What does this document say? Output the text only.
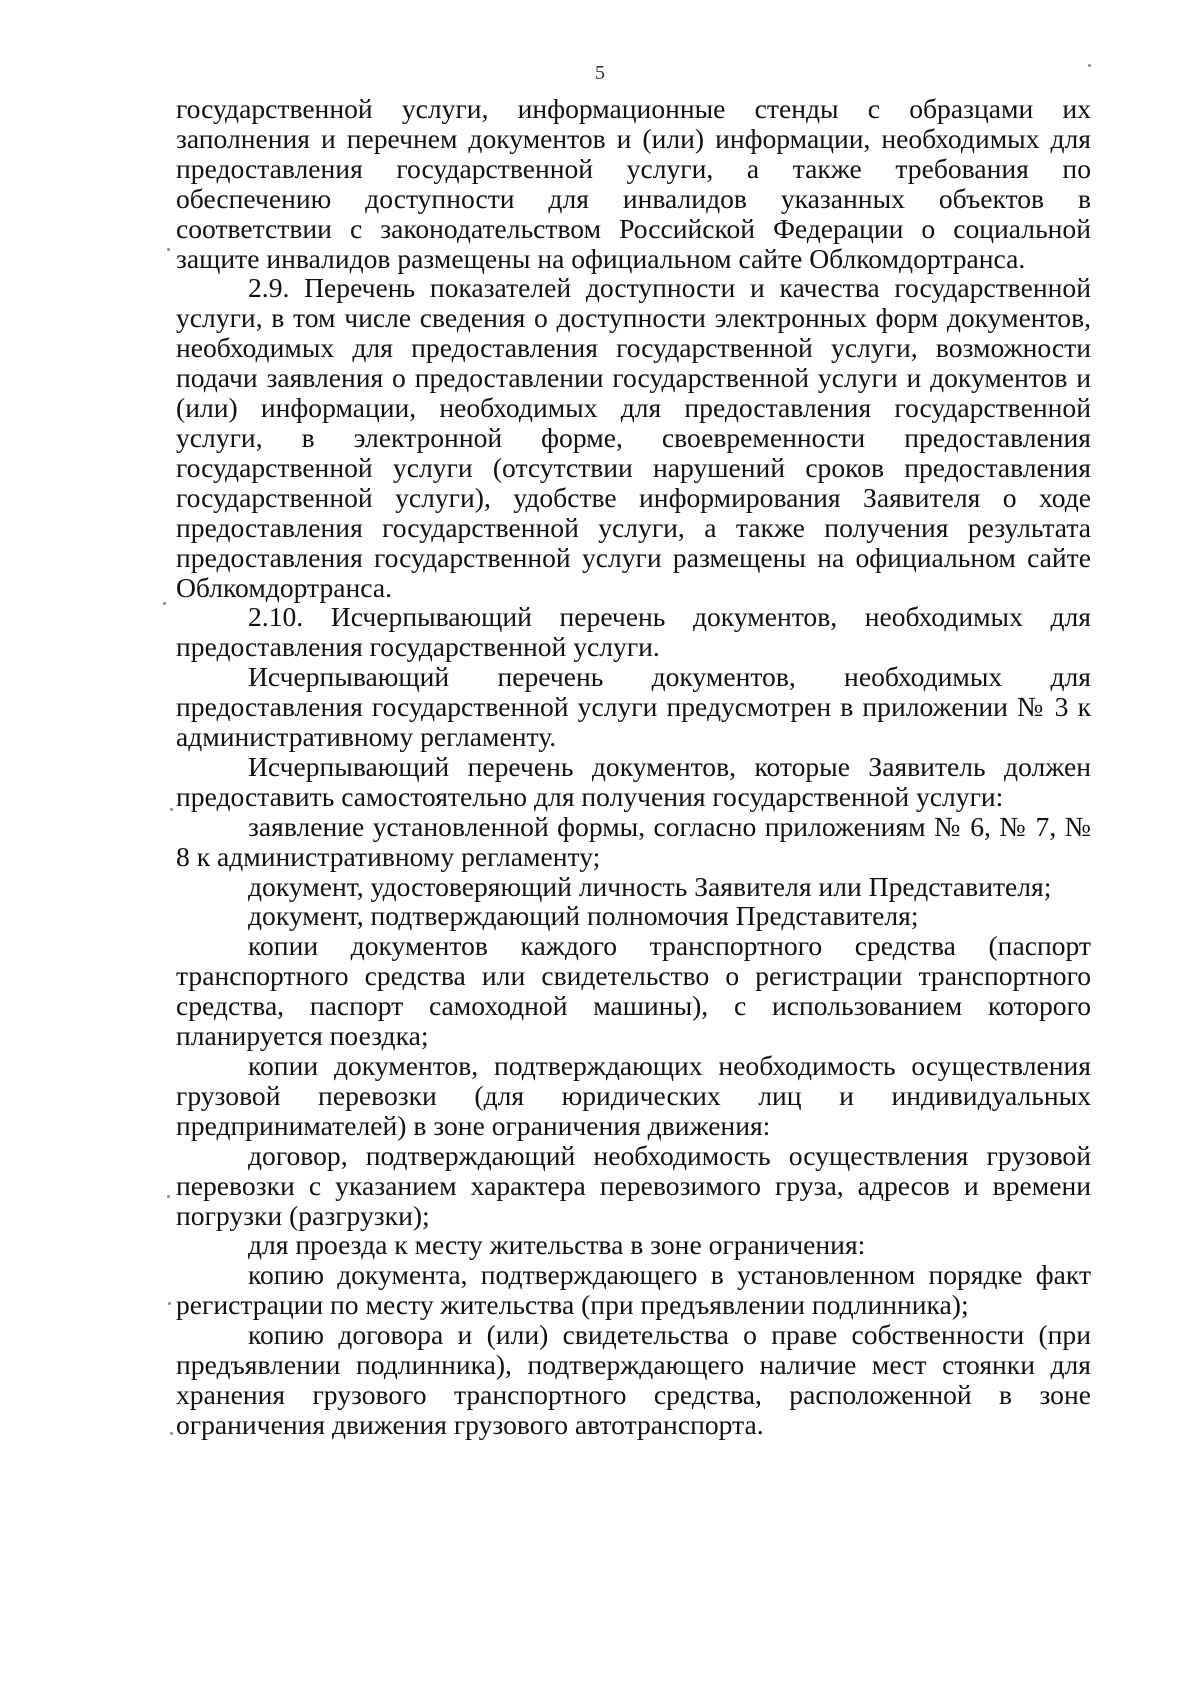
5

государственной услуги, информационные стенды с образцами их заполнения и перечнем документов и (или) информации, необходимых для предоставления государственной услуги, а также требования по обеспечению доступности для инвалидов указанных объектов в соответствии с законодательством Российской Федерации о социальной защите инвалидов размещены на официальном сайте Облкомдортранса.

2.9. Перечень показателей доступности и качества государственной услуги, в том числе сведения о доступности электронных форм документов, необходимых для предоставления государственной услуги, возможности подачи заявления о предоставлении государственной услуги и документов и (или) информации, необходимых для предоставления государственной услуги, в электронной форме, своевременности предоставления государственной услуги (отсутствии нарушений сроков предоставления государственной услуги), удобстве информирования Заявителя о ходе предоставления государственной услуги, а также получения результата предоставления государственной услуги размещены на официальном сайте Облкомдортранса.

2.10. Исчерпывающий перечень документов, необходимых для предоставления государственной услуги.

Исчерпывающий перечень документов, необходимых для предоставления государственной услуги предусмотрен в приложении № 3 к административному регламенту.

Исчерпывающий перечень документов, которые Заявитель должен предоставить самостоятельно для получения государственной услуги:

заявление установленной формы, согласно приложениям № 6, № 7, № 8 к административному регламенту;

документ, удостоверяющий личность Заявителя или Представителя;

документ, подтверждающий полномочия Представителя;

копии документов каждого транспортного средства (паспорт транспортного средства или свидетельство о регистрации транспортного средства, паспорт самоходной машины), с использованием которого планируется поездка;

копии документов, подтверждающих необходимость осуществления грузовой перевозки (для юридических лиц и индивидуальных предпринимателей) в зоне ограничения движения:

договор, подтверждающий необходимость осуществления грузовой перевозки с указанием характера перевозимого груза, адресов и времени погрузки (разгрузки);

для проезда к месту жительства в зоне ограничения:

копию документа, подтверждающего в установленном порядке факт регистрации по месту жительства (при предъявлении подлинника);

копию договора и (или) свидетельства о праве собственности (при предъявлении подлинника), подтверждающего наличие мест стоянки для хранения грузового транспортного средства, расположенной в зоне ограничения движения грузового автотранспорта.
